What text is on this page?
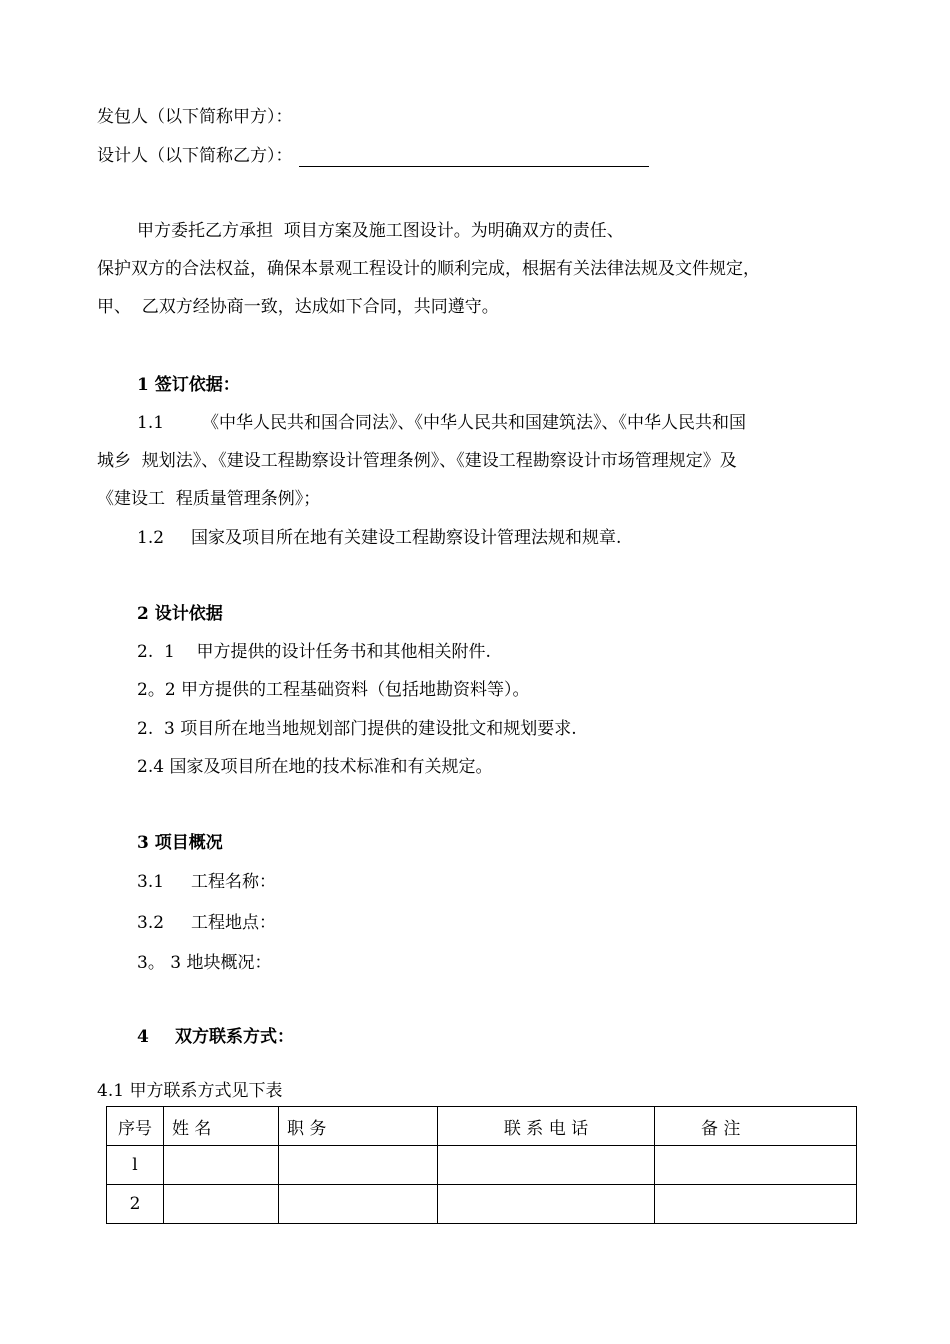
发包人（以下简称甲方）：
设计人（以下简称乙方）：
甲方委托乙方承担  项目方案及施工图设计。为明确双方的责任、
保护双方的合法权益，确保本景观工程设计的顺利完成，根据有关法律法规及文件规定，
甲、  乙双方经协商一致，达成如下合同，共同遵守。
1 签订依据：
1.1 《中华人民共和国合同法》、《中华人民共和国建筑法》、《中华人民共和国
城乡  规划法》、《建设工程勘察设计管理条例》、《建设工程勘察设计市场管理规定》及
《建设工  程质量管理条例》；
1.2 国家及项目所在地有关建设工程勘察设计管理法规和规章.
2 设计依据
2.  1    甲方提供的设计任务书和其他相关附件.
2。2 甲方提供的工程基础资料（包括地勘资料等）。
2.  3 项目所在地当地规划部门提供的建设批文和规划要求.
2.4 国家及项目所在地的技术标准和有关规定。
3 项目概况
3.1 工程名称：
3.2 工程地点：
3。 3 地块概况：
4 双方联系方式：
4.1 甲方联系方式见下表
序号	姓 名	职 务	联 系 电 话	备 注
l				
2				
